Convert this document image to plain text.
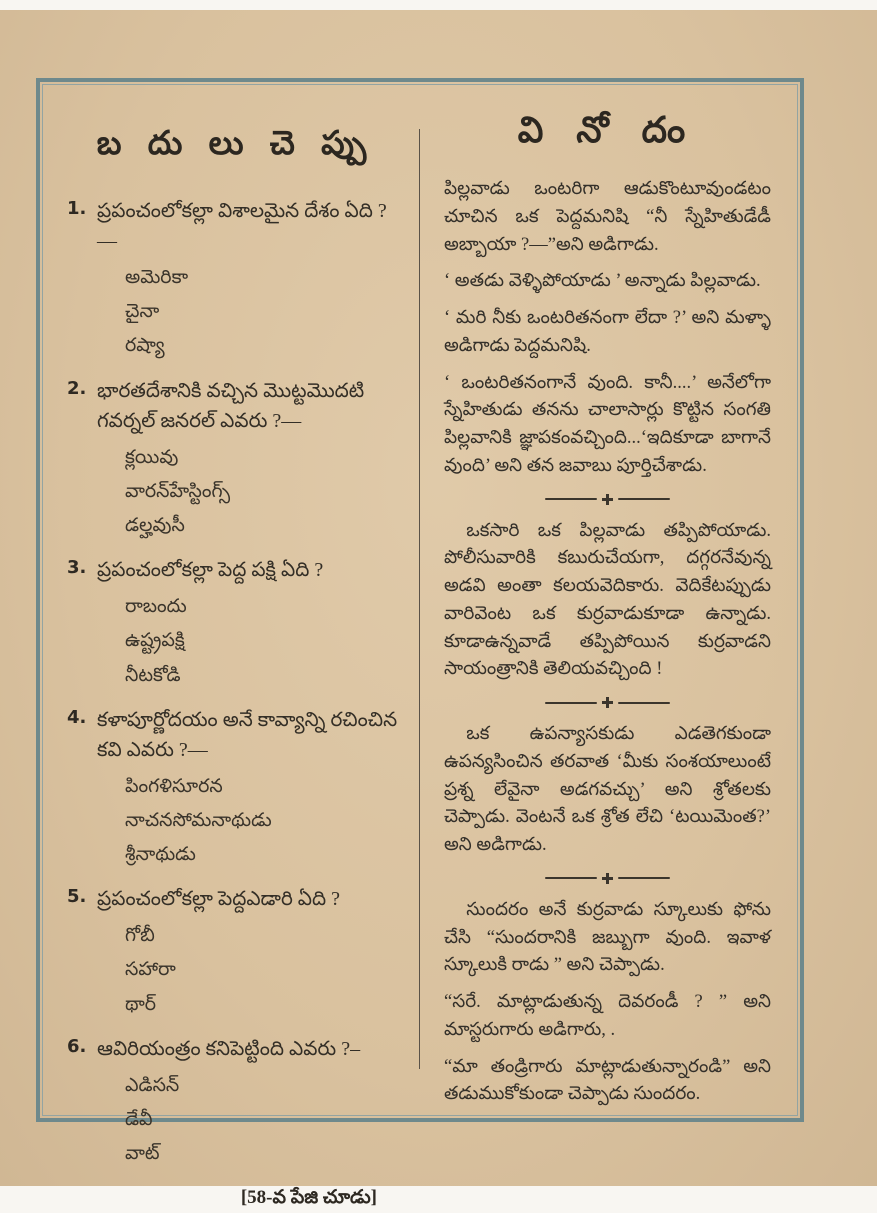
బ దు లు చె ప్పు
1. ప్రపంచంలోకల్లా విశాలమైన దేశం ఏది ?—

అమెరికా

చైనా

రష్యా

2. భారతదేశానికి వచ్చిన మొట్టమొదటి గవర్నల్ జనరల్ ఎవరు ?—

క్లయివు

వారన్‌హేస్టింగ్స్

డల్హవుసీ

3. ప్రపంచంలోకల్లా పెద్ద పక్షి ఏది ?

రాబందు

ఉష్ట్రపక్షి

నీటకోడి

4. కళాపూర్ణోదయం అనే కావ్యాన్ని రచించిన కవి ఎవరు ?—

పింగళిసూరన

నాచనసోమనాథుడు

శ్రీనాథుడు

5. ప్రపంచంలోకల్లా పెద్దఎడారి ఏది ?

గోబీ

సహారా

థార్

6. ఆవిరియంత్రం కనిపెట్టింది ఎవరు ?–

ఎడిసన్

డేవీ

వాట్

[58-వ పేజి చూడు]

వి నో దం

పిల్లవాడు ఒంటరిగా ఆడుకొంటూవుండటం చూచిన ఒక పెద్దమనిషి “నీ స్నేహితుడేడీ అబ్బాయా ?—”అని అడిగాడు.

‘ అతడు వెళ్ళిపోయాడు ’ అన్నాడు పిల్లవాడు.

‘ మరి నీకు ఒంటరితనంగా లేదా ?’ అని మళ్ళా అడిగాడు పెద్దమనిషి.

‘ ఒంటరితనంగానే వుంది. కానీ....’ అనేలోగా స్నేహితుడు తనను చాలాసార్లు కొట్టిన సంగతి పిల్లవానికి జ్ఞాపకంవచ్చింది...‘ఇదికూడా బాగానే వుంది’ అని తన జవాబు పూర్తిచేశాడు.

ఒకసారి ఒక పిల్లవాడు తప్పిపోయాడు. పోలీసువారికి కబురుచేయగా, దగ్గరనేవున్న అడవి అంతా కలయవెదికారు. వెదికేటప్పుడు వారివెంట ఒక కుర్రవాడుకూడా ఉన్నాడు. కూడాఉన్నవాడే తప్పిపోయిన కుర్రవాడని సాయంత్రానికి తెలియవచ్చింది !

ఒక ఉపన్యాసకుడు ఎడతెగకుండా ఉపన్యసించిన తరవాత ‘మీకు సంశయాలుంటే ప్రశ్న లేవైనా అడగవచ్చు’ అని శ్రోతలకు చెప్పాడు. వెంటనే ఒక శ్రోత లేచి ‘టయిమెంత?’ అని అడిగాడు.

సుందరం అనే కుర్రవాడు స్కూలుకు ఫోను చేసి “సుందరానికి జబ్బుగా వుంది. ఇవాళ స్కూలుకి రాడు ” అని చెప్పాడు.

“సరే. మాట్లాడుతున్న దెవరండీ ? ” అని మాస్టరుగారు అడిగారు, .

“మా తండ్రిగారు మాట్లాడుతున్నారండి” అని తడుముకోకుండా చెప్పాడు సుందరం.
